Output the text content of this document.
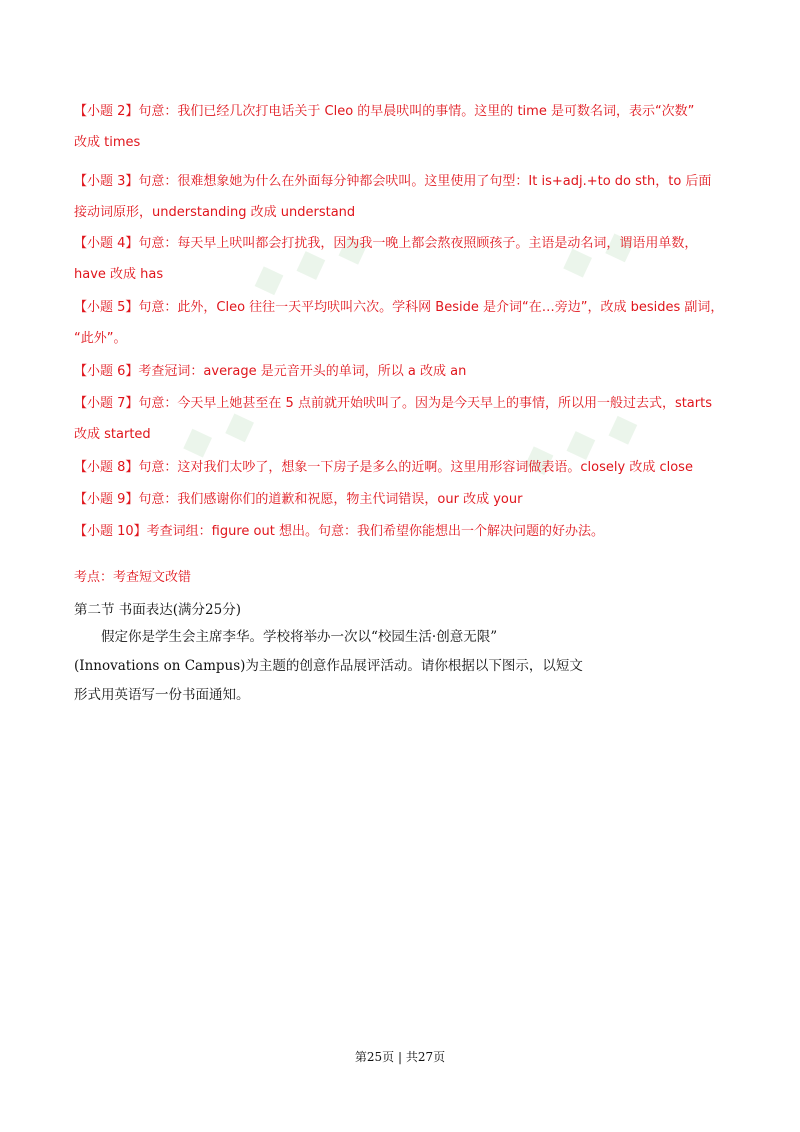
◆ ◆ ◆	◆ ◆
◆ ◆	◆ ◆ ◆
【小题 2】句意：我们已经几次打电话关于 Cleo 的早晨吠叫的事情。这里的 time 是可数名词，表示“次数”
改成 times
【小题 3】句意：很难想象她为什么在外面每分钟都会吠叫。这里使用了句型：It is+adj.+to do sth，to 后面
接动词原形，understanding 改成 understand
【小题 4】句意：每天早上吠叫都会打扰我，因为我一晚上都会熬夜照顾孩子。主语是动名词，谓语用单数，
have 改成 has
【小题 5】句意：此外，Cleo 往往一天平均吠叫六次。学科网 Beside 是介词“在…旁边”，改成 besides 副词，
“此外”。
【小题 6】考查冠词：average 是元音开头的单词，所以 a 改成 an
【小题 7】句意：今天早上她甚至在 5 点前就开始吠叫了。因为是今天早上的事情，所以用一般过去式，starts
改成 started
【小题 8】句意：这对我们太吵了，想象一下房子是多么的近啊。这里用形容词做表语。closely 改成 close
【小题 9】句意：我们感谢你们的道歉和祝愿，物主代词错误，our 改成 your
【小题 10】考查词组：figure out 想出。句意：我们希望你能想出一个解决问题的好办法。
考点：考查短文改错
第二节 书面表达(满分25分)

　　假定你是学生会主席李华。学校将举办一次以“校园生活·创意无限”

(Innovations on Campus)为主题的创意作品展评活动。请你根据以下图示，以短文

形式用英语写一份书面通知。

第25页 | 共27页
